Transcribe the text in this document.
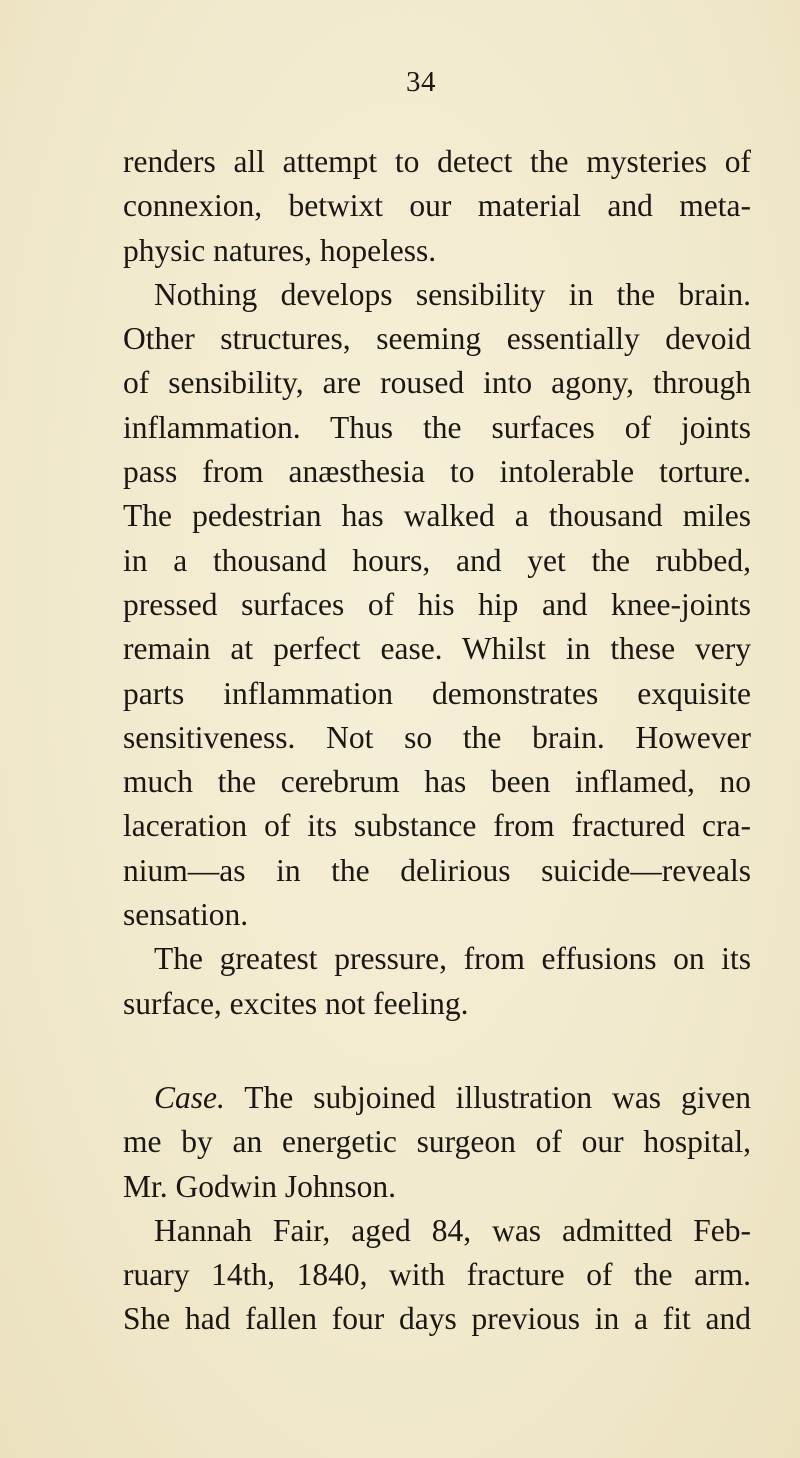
34
renders all attempt to detect the mysteries of
connexion, betwixt our material and meta-
physic natures, hopeless.
Nothing develops sensibility in the brain.
Other structures, seeming essentially devoid
of sensibility, are roused into agony, through
inflammation. Thus the surfaces of joints
pass from anæsthesia to intolerable torture.
The pedestrian has walked a thousand miles
in a thousand hours, and yet the rubbed,
pressed surfaces of his hip and knee-joints
remain at perfect ease. Whilst in these very
parts inflammation demonstrates exquisite
sensitiveness. Not so the brain. However
much the cerebrum has been inflamed, no
laceration of its substance from fractured cra-
nium—as in the delirious suicide—reveals
sensation.
The greatest pressure, from effusions on its
surface, excites not feeling.
Case. The subjoined illustration was given
me by an energetic surgeon of our hospital,
Mr. Godwin Johnson.
Hannah Fair, aged 84, was admitted Feb-
ruary 14th, 1840, with fracture of the arm.
She had fallen four days previous in a fit and
